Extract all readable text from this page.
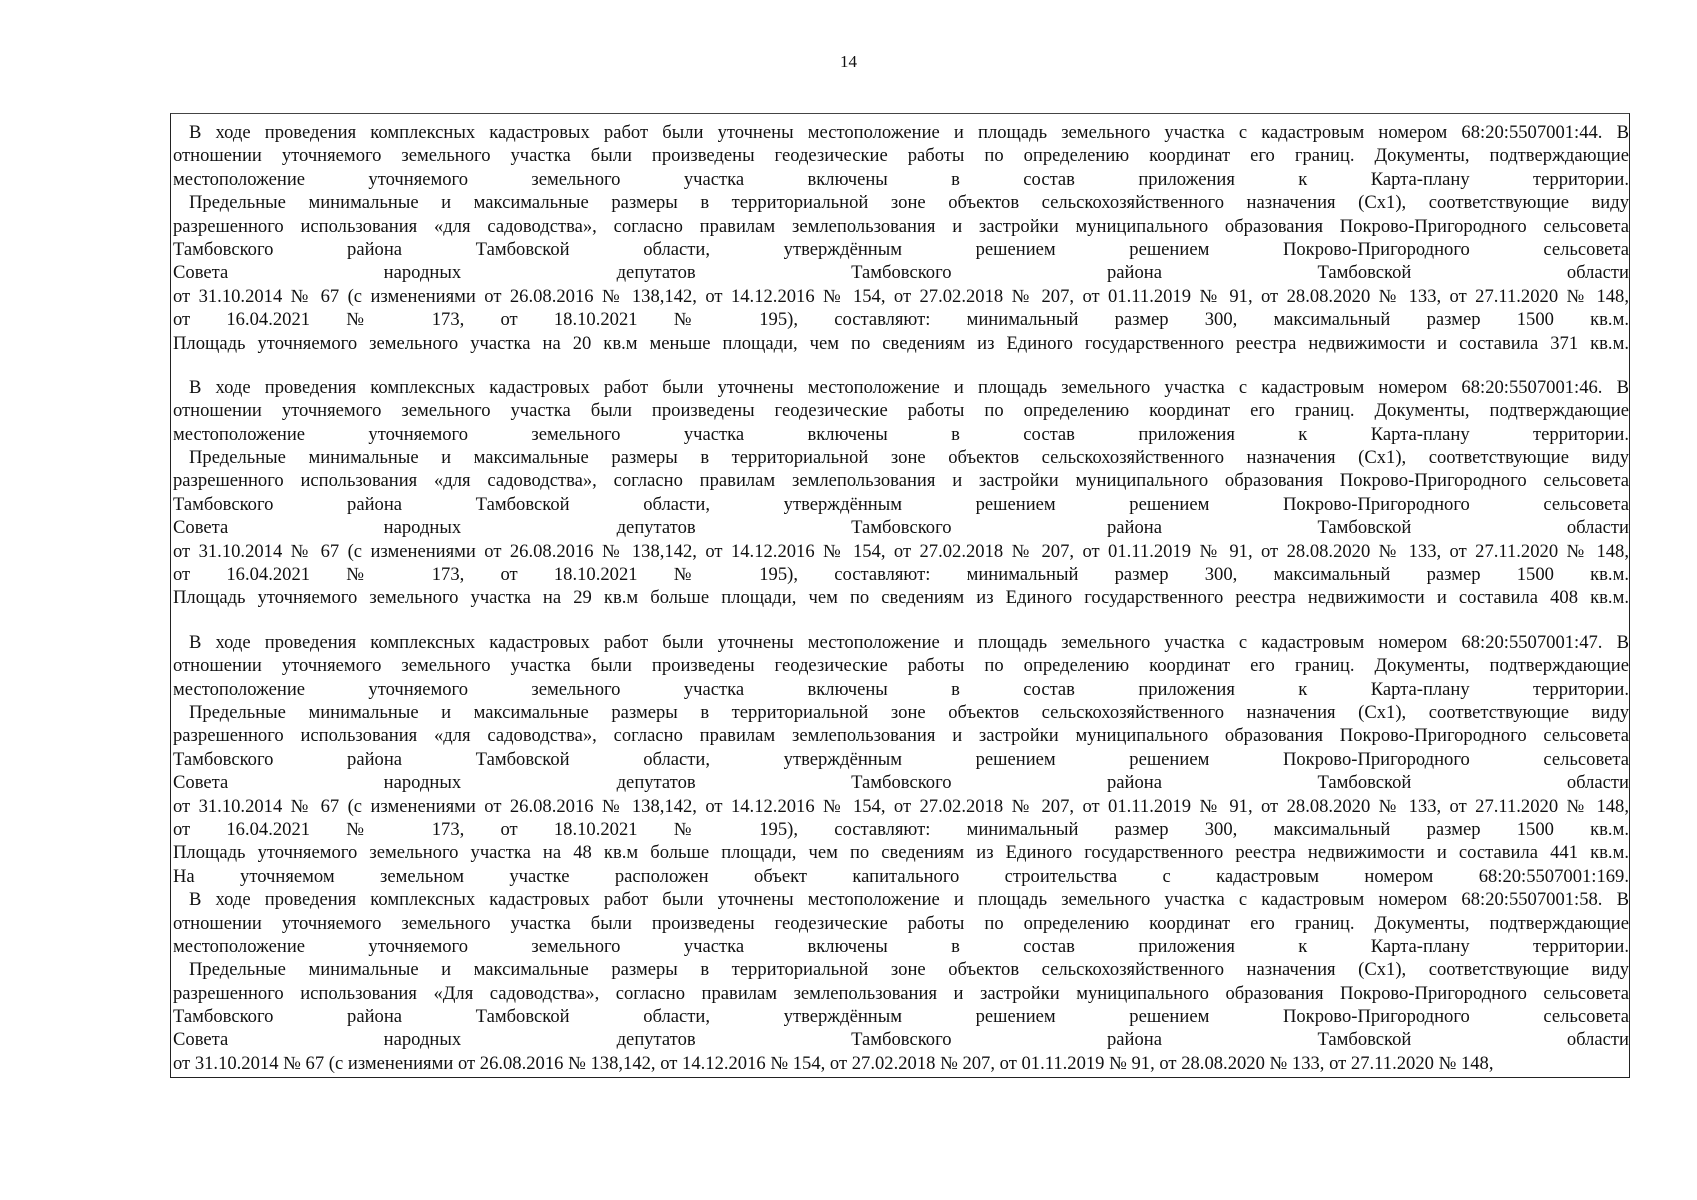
14
В ходе проведения комплексных кадастровых работ были уточнены местоположение и площадь земельного участка с кадастровым номером 68:20:5507001:44. В
отношении уточняемого земельного участка были произведены геодезические работы по определению координат его границ. Документы, подтверждающие
местоположение уточняемого земельного участка включены в состав приложения к Карта-плану территории.
Предельные минимальные и максимальные размеры в территориальной зоне объектов сельскохозяйственного назначения (Сх1), соответствующие виду
разрешенного использования «для садоводства», согласно правилам землепользования и застройки муниципального образования Покрово-Пригородного сельсовета
Тамбовского района Тамбовской области, утверждённым решением решением Покрово-Пригородного сельсовета
Совета народных депутатов Тамбовского района Тамбовской области
от 31.10.2014 № 67 (с изменениями от 26.08.2016 № 138,142, от 14.12.2016 № 154, от 27.02.2018 № 207, от 01.11.2019 № 91, от 28.08.2020 № 133, от 27.11.2020 № 148,
от 16.04.2021 № 173, от 18.10.2021 № 195), составляют: минимальный размер 300, максимальный размер 1500 кв.м.
Площадь уточняемого земельного участка на 20 кв.м меньше площади, чем по сведениям из Единого государственного реестра недвижимости и составила 371 кв.м.
В ходе проведения комплексных кадастровых работ были уточнены местоположение и площадь земельного участка с кадастровым номером 68:20:5507001:46. В
отношении уточняемого земельного участка были произведены геодезические работы по определению координат его границ. Документы, подтверждающие
местоположение уточняемого земельного участка включены в состав приложения к Карта-плану территории.
Предельные минимальные и максимальные размеры в территориальной зоне объектов сельскохозяйственного назначения (Сх1), соответствующие виду
разрешенного использования «для садоводства», согласно правилам землепользования и застройки муниципального образования Покрово-Пригородного сельсовета
Тамбовского района Тамбовской области, утверждённым решением решением Покрово-Пригородного сельсовета
Совета народных депутатов Тамбовского района Тамбовской области
от 31.10.2014 № 67 (с изменениями от 26.08.2016 № 138,142, от 14.12.2016 № 154, от 27.02.2018 № 207, от 01.11.2019 № 91, от 28.08.2020 № 133, от 27.11.2020 № 148,
от 16.04.2021 № 173, от 18.10.2021 № 195), составляют: минимальный размер 300, максимальный размер 1500 кв.м.
Площадь уточняемого земельного участка на 29 кв.м больше площади, чем по сведениям из Единого государственного реестра недвижимости и составила 408 кв.м.
В ходе проведения комплексных кадастровых работ были уточнены местоположение и площадь земельного участка с кадастровым номером 68:20:5507001:47. В
отношении уточняемого земельного участка были произведены геодезические работы по определению координат его границ. Документы, подтверждающие
местоположение уточняемого земельного участка включены в состав приложения к Карта-плану территории.
Предельные минимальные и максимальные размеры в территориальной зоне объектов сельскохозяйственного назначения (Сх1), соответствующие виду
разрешенного использования «для садоводства», согласно правилам землепользования и застройки муниципального образования Покрово-Пригородного сельсовета
Тамбовского района Тамбовской области, утверждённым решением решением Покрово-Пригородного сельсовета
Совета народных депутатов Тамбовского района Тамбовской области
от 31.10.2014 № 67 (с изменениями от 26.08.2016 № 138,142, от 14.12.2016 № 154, от 27.02.2018 № 207, от 01.11.2019 № 91, от 28.08.2020 № 133, от 27.11.2020 № 148,
от 16.04.2021 № 173, от 18.10.2021 № 195), составляют: минимальный размер 300, максимальный размер 1500 кв.м.
Площадь уточняемого земельного участка на 48 кв.м больше площади, чем по сведениям из Единого государственного реестра недвижимости и составила 441 кв.м.
На уточняемом земельном участке расположен объект капитального строительства с кадастровым номером 68:20:5507001:169.
В ходе проведения комплексных кадастровых работ были уточнены местоположение и площадь земельного участка с кадастровым номером 68:20:5507001:58. В
отношении уточняемого земельного участка были произведены геодезические работы по определению координат его границ. Документы, подтверждающие
местоположение уточняемого земельного участка включены в состав приложения к Карта-плану территории.
Предельные минимальные и максимальные размеры в территориальной зоне объектов сельскохозяйственного назначения (Сх1), соответствующие виду
разрешенного использования «Для садоводства», согласно правилам землепользования и застройки муниципального образования Покрово-Пригородного сельсовета
Тамбовского района Тамбовской области, утверждённым решением решением Покрово-Пригородного сельсовета
Совета народных депутатов Тамбовского района Тамбовской области
от 31.10.2014 № 67 (с изменениями от 26.08.2016 № 138,142, от 14.12.2016 № 154, от 27.02.2018 № 207, от 01.11.2019 № 91, от 28.08.2020 № 133, от 27.11.2020 № 148,
